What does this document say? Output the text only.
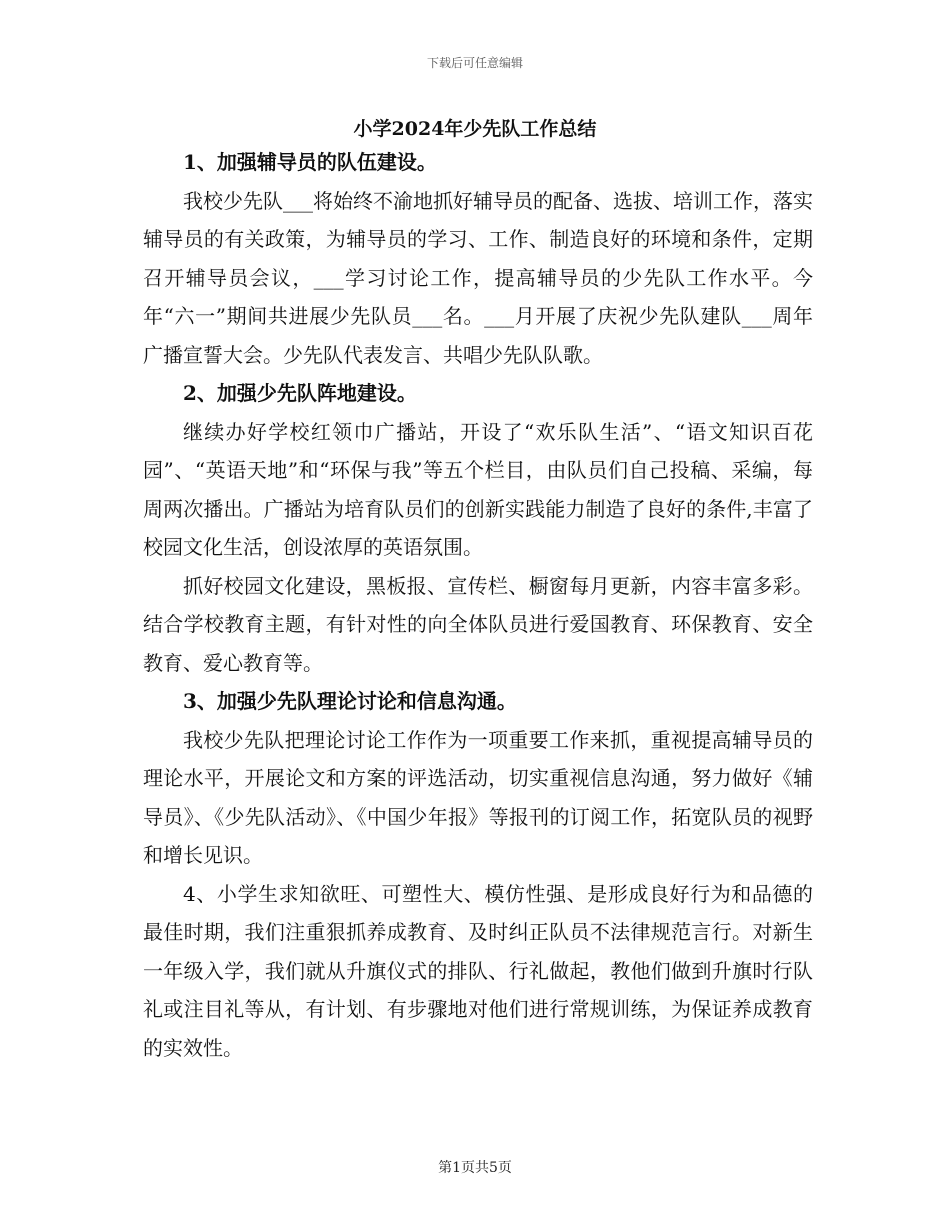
下载后可任意编辑
小学2024年少先队工作总结
1、加强辅导员的队伍建设。

我校少先队___将始终不渝地抓好辅导员的配备、选拔、培训工作，落实辅导员的有关政策，为辅导员的学习、工作、制造良好的环境和条件，定期召开辅导员会议，___学习讨论工作，提高辅导员的少先队工作水平。今年“六一”期间共进展少先队员___名。___月开展了庆祝少先队建队___周年广播宣誓大会。少先队代表发言、共唱少先队队歌。

2、加强少先队阵地建设。

继续办好学校红领巾广播站，开设了“欢乐队生活”、“语文知识百花园”、“英语天地”和“环保与我”等五个栏目，由队员们自己投稿、采编，每周两次播出。广播站为培育队员们的创新实践能力制造了良好的条件,丰富了校园文化生活，创设浓厚的英语氛围。

抓好校园文化建设，黑板报、宣传栏、橱窗每月更新，内容丰富多彩。结合学校教育主题，有针对性的向全体队员进行爱国教育、环保教育、安全教育、爱心教育等。

3、加强少先队理论讨论和信息沟通。

我校少先队把理论讨论工作作为一项重要工作来抓，重视提高辅导员的理论水平，开展论文和方案的评选活动，切实重视信息沟通，努力做好《辅导员》、《少先队活动》、《中国少年报》等报刊的订阅工作，拓宽队员的视野和增长见识。

4、小学生求知欲旺、可塑性大、模仿性强、是形成良好行为和品德的最佳时期，我们注重狠抓养成教育、及时纠正队员不法律规范言行。对新生一年级入学，我们就从升旗仪式的排队、行礼做起，教他们做到升旗时行队礼或注目礼等从，有计划、有步骤地对他们进行常规训练，为保证养成教育的实效性。

第1页共5页
